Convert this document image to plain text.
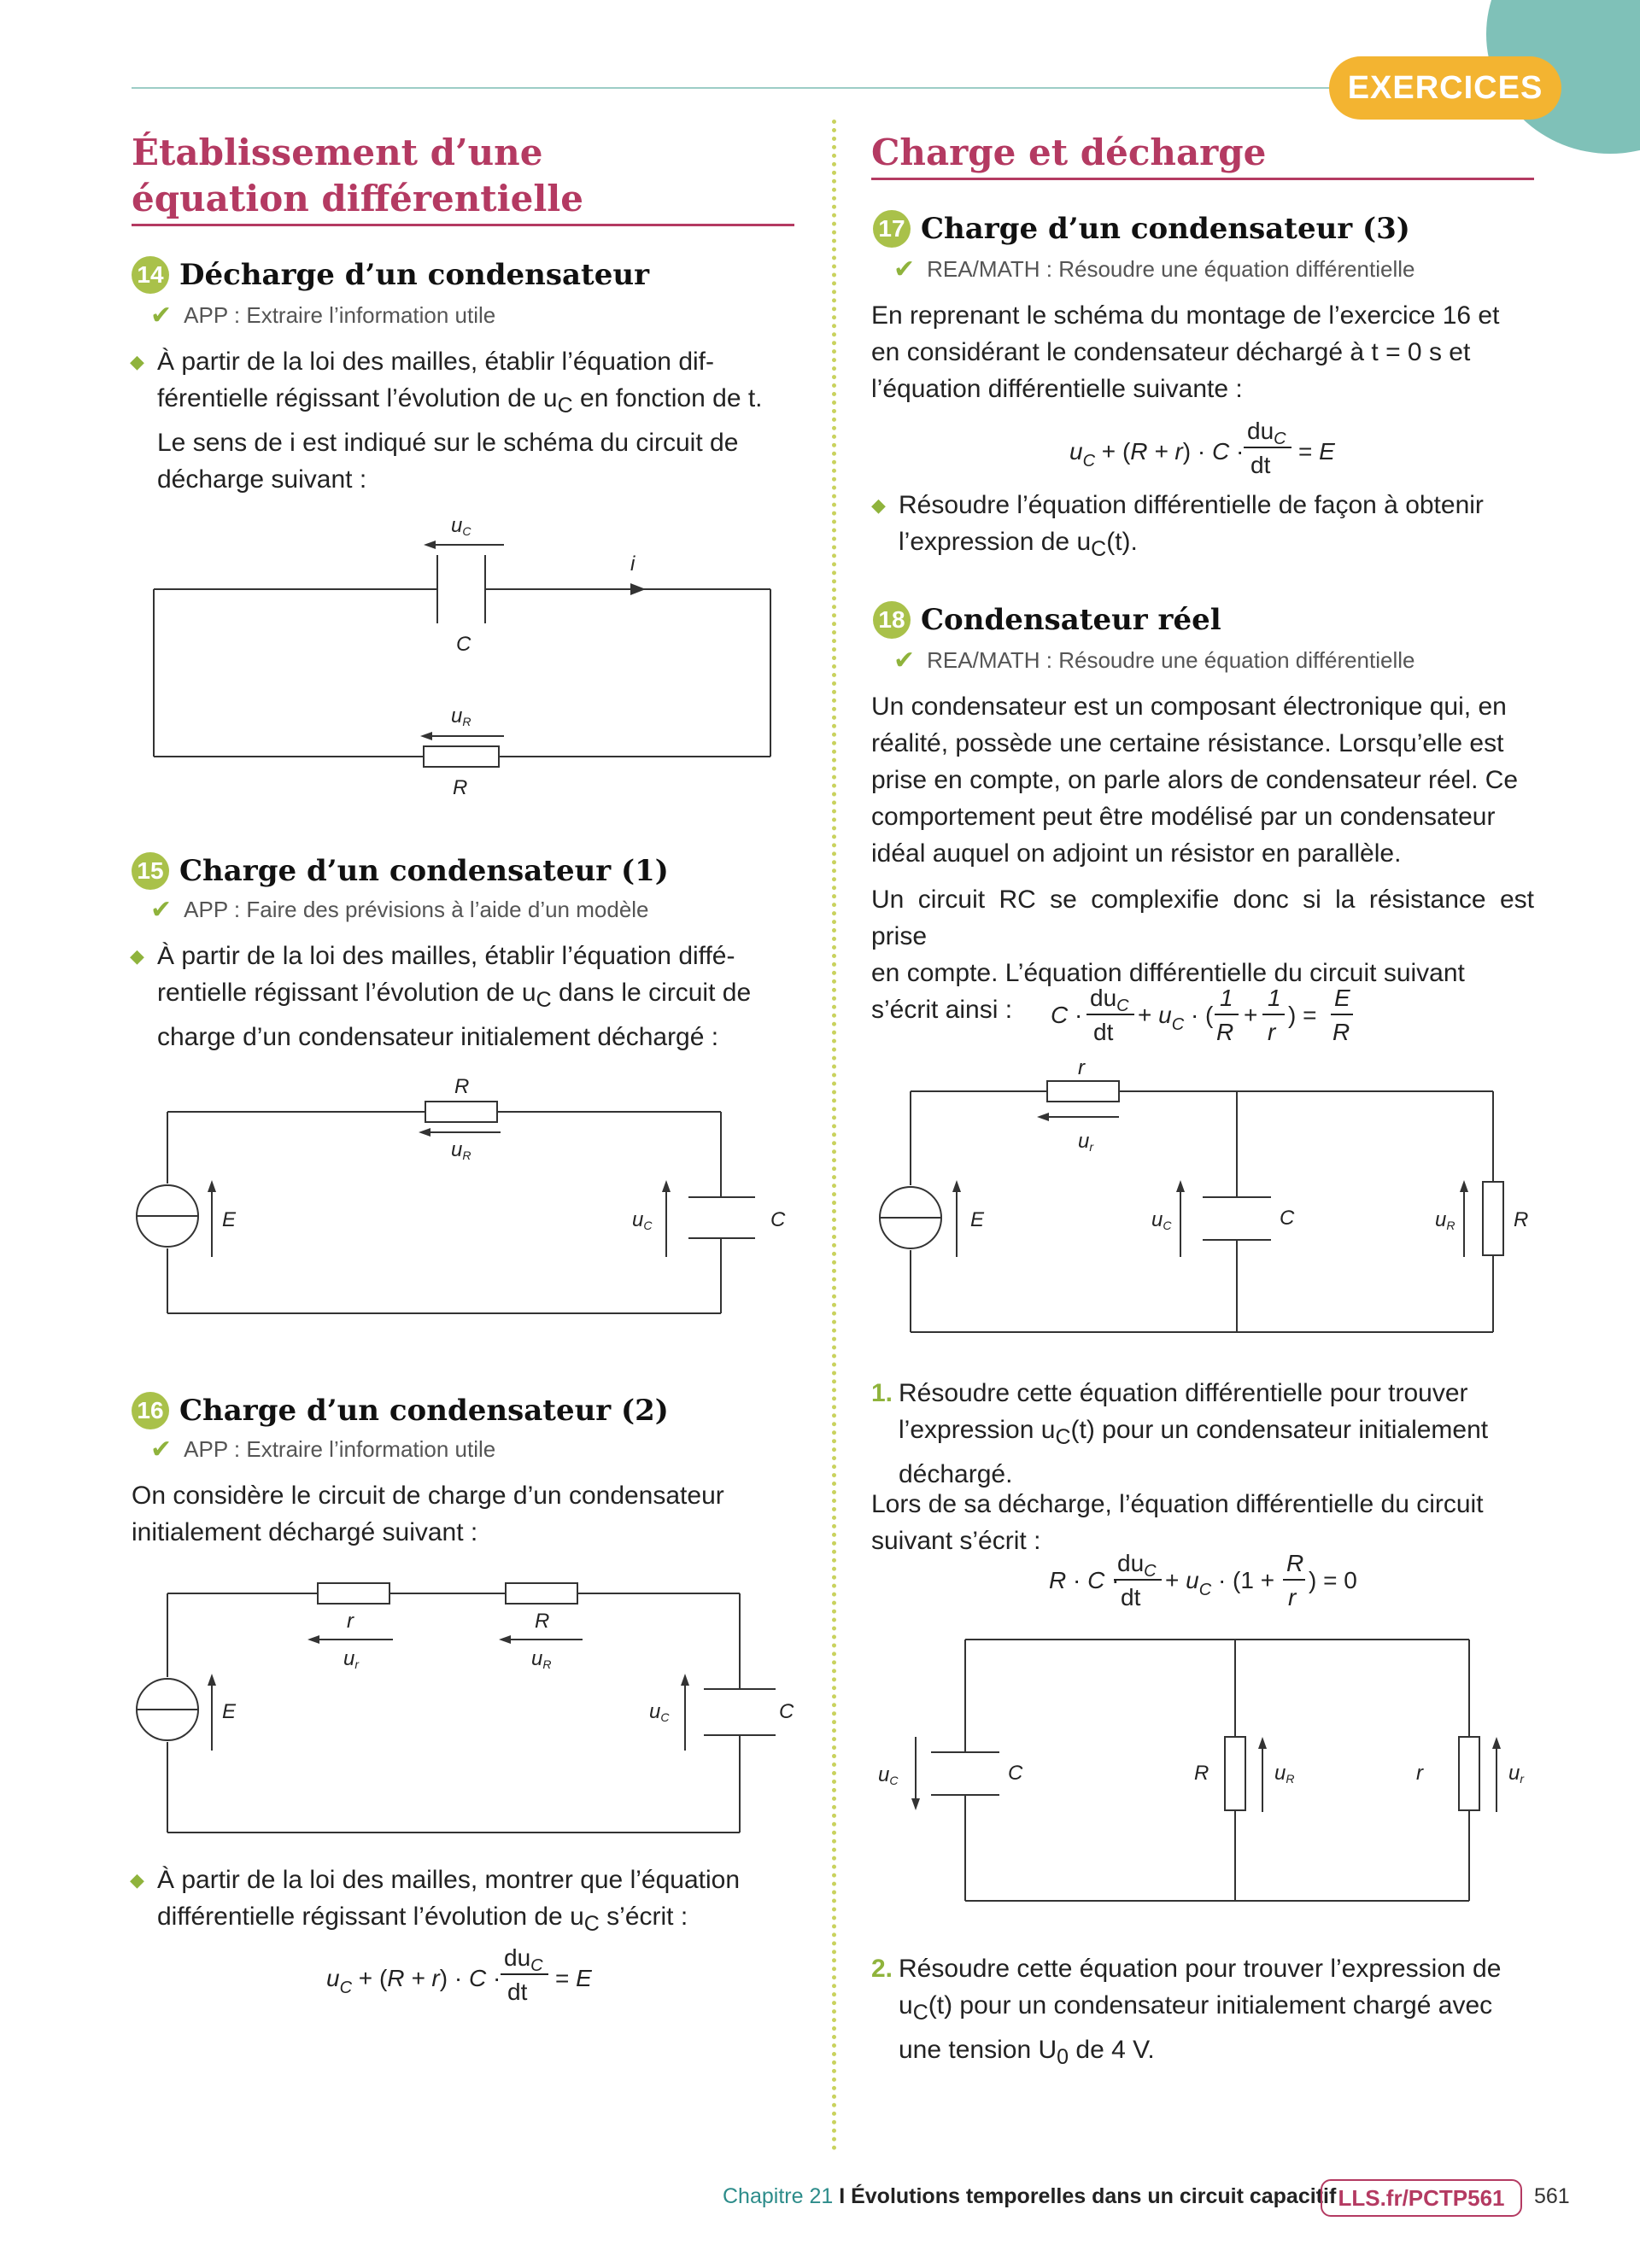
EXERCICES
Établissement d’une
équation différentielle
14 Décharge d’un condensateur
✔ APP : Extraire l’information utile
◆ À partir de la loi des mailles, établir l’équation dif-
férentielle régissant l’évolution de $u_C$ en fonction de t.
Le sens de i est indiqué sur le schéma du circuit de
décharge suivant :
uC
i
C
uR
R
15 Charge d’un condensateur (1)
✔ APP : Faire des prévisions à l’aide d’un modèle
◆ À partir de la loi des mailles, établir l’équation diffé-
rentielle régissant l’évolution de $u_C$ dans le circuit de
charge d’un condensateur initialement déchargé :
R
uR
E	uC	C
16 Charge d’un condensateur (2)
✔ APP : Extraire l’information utile
On considère le circuit de charge d’un condensateur
initialement déchargé suivant :
r
ur
R
uR
E	uC	C
◆ À partir de la loi des mailles, montrer que l’équation
différentielle régissant l’évolution de $u_C$ s’écrit :
$u_C + (R + r) \cdot C$ ·
$du_C$
dt
= E
Charge et décharge
17 Charge d’un condensateur (3)
✔ REA/MATH : Résoudre une équation différentielle
En reprenant le schéma du montage de l’exercice 16 et
en considérant le condensateur déchargé à t = 0 s et
l’équation différentielle suivante :
$u_C + (R + r) \cdot C$ ·
$du_C$
dt
= E
◆ Résoudre l’équation différentielle de façon à obtenir
l’expression de $u_C(t)$.
18 Condensateur réel
✔ REA/MATH : Résoudre une équation différentielle
Un condensateur est un composant électronique qui, en
réalité, possède une certaine résistance. Lorsqu’elle est
prise en compte, on parle alors de condensateur réel. Ce
comportement peut être modélisé par un condensateur
idéal auquel on adjoint un résistor en parallèle.
Un circuit RC se complexifie donc si la résistance est prise
en compte. L’équation différentielle du circuit suivant
s’écrit ainsi :	C ·
$du_C$
dt
+ $u_C$ · (
1
R
+
1
r
) =
E
R
r
ur
E	uC	C	uR	R
1. Résoudre cette équation différentielle pour trouver
l’expression $u_C(t)$ pour un condensateur initialement
déchargé.
Lors de sa décharge, l’équation différentielle du circuit
suivant s’écrit :
R · C ·
$du_C$
dt
+ $u_C \cdot (1$ +
R
r
) = 0
uC	C	R	uR	r	ur
2. Résoudre cette équation pour trouver l’expression de
$u_C(t)$ pour un condensateur initialement chargé avec
une tension $U_0$ de 4 V.
Chapitre 21 I Évolutions temporelles dans un circuit capacitif LLS.fr/PCTP561	561
